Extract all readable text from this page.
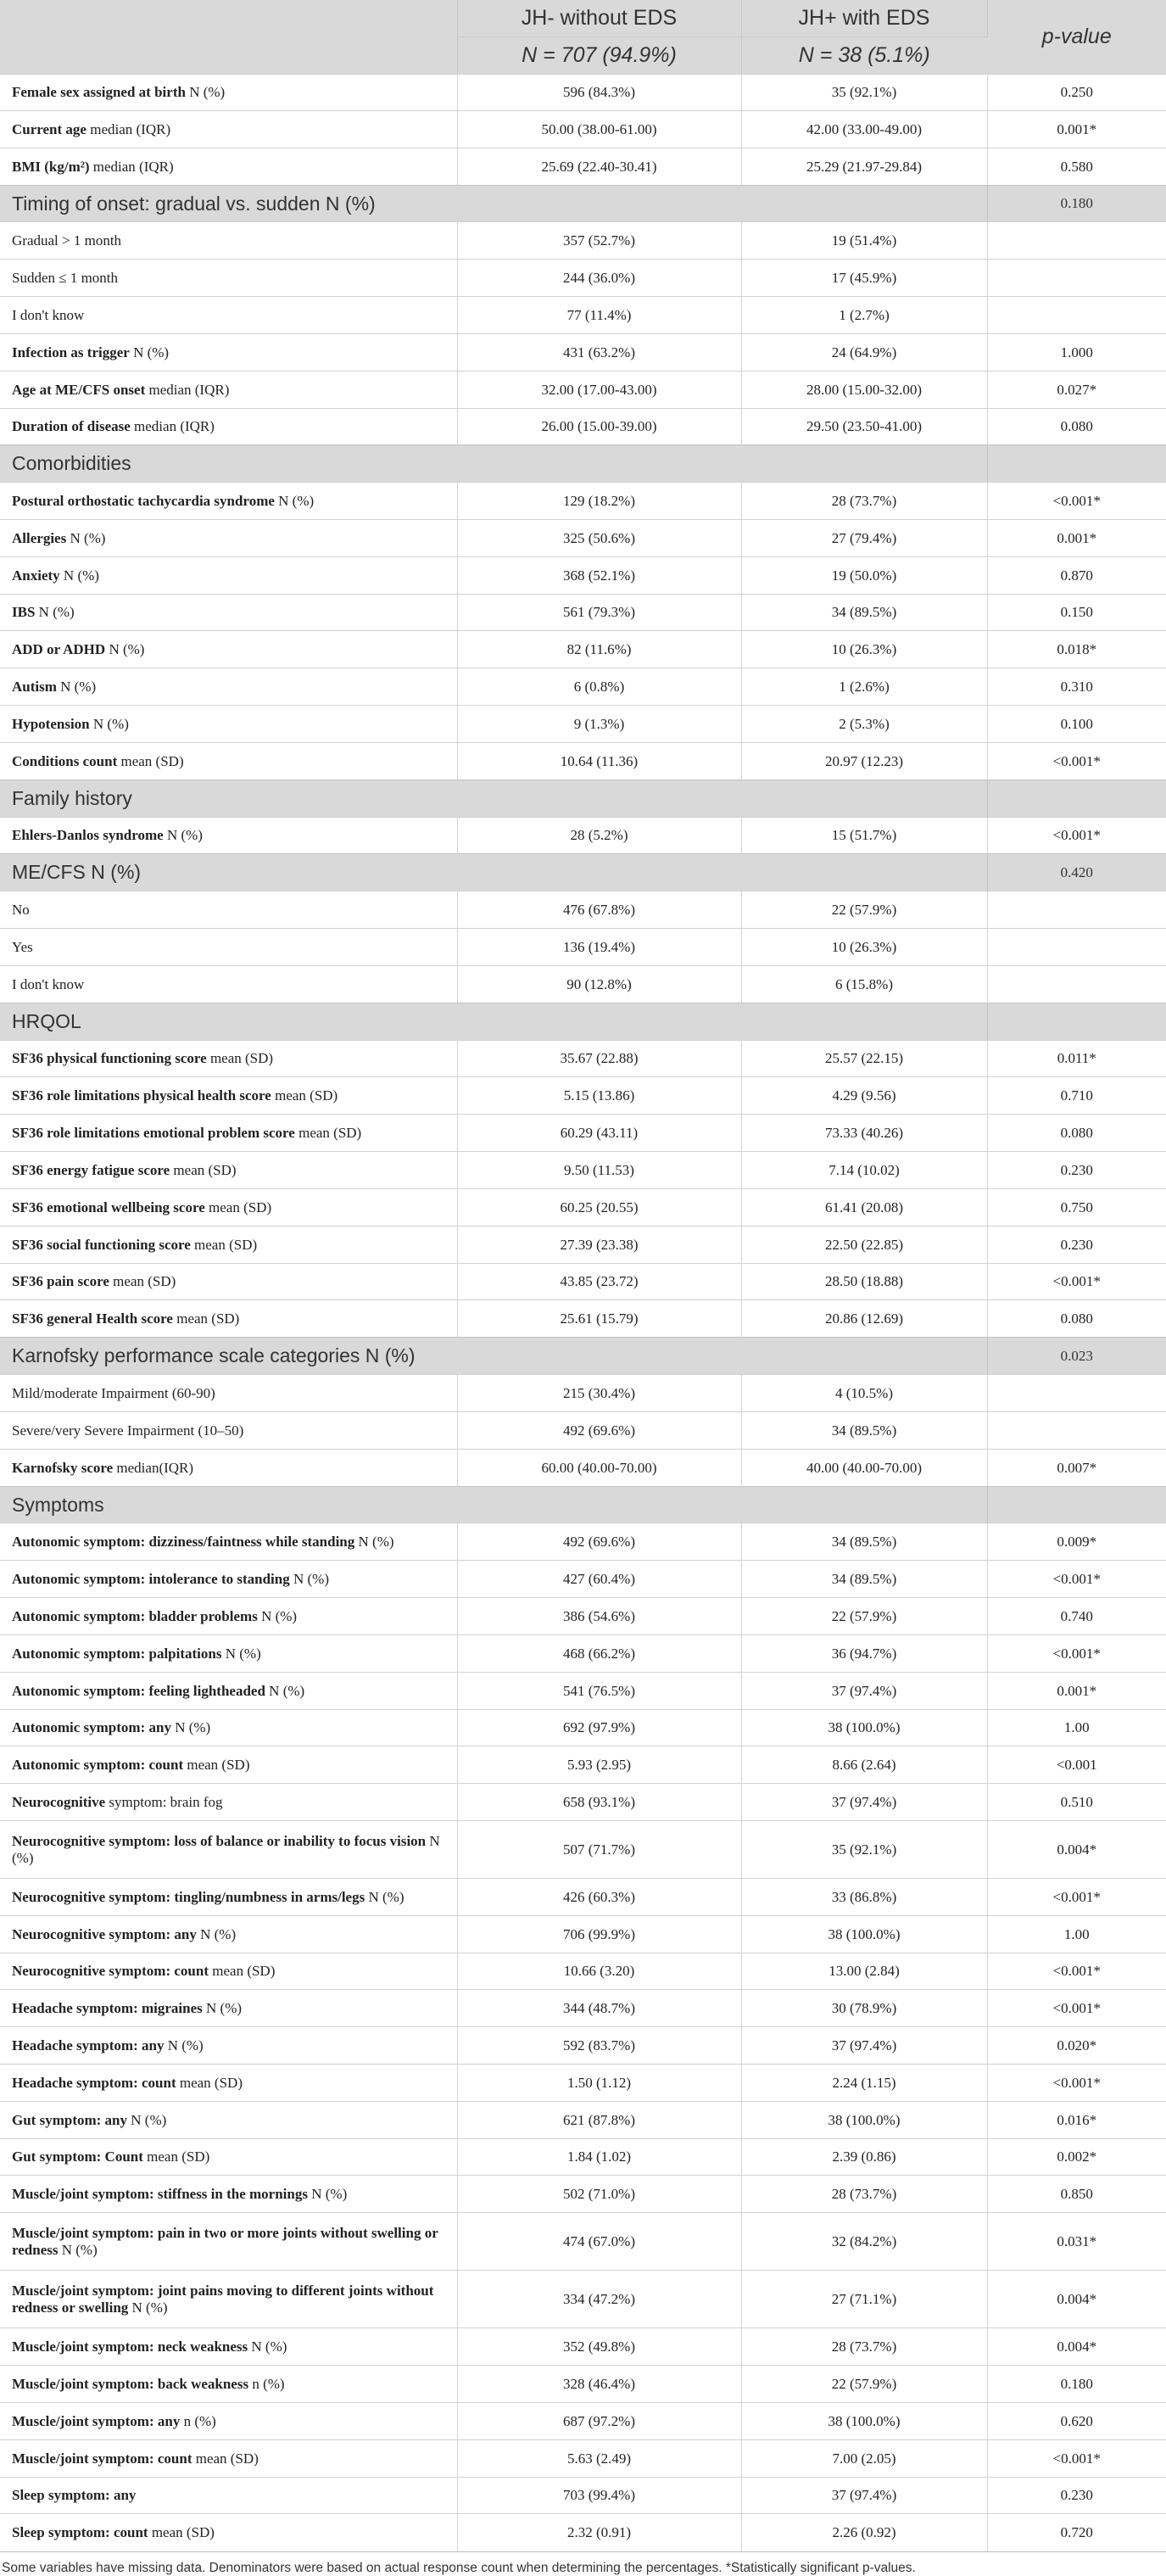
	JH- without EDS	JH+ with EDS	p-value
	N = 707 (94.9%)	N = 38 (5.1%)	
Female sex assigned at birth N (%)	596 (84.3%)	35 (92.1%)	0.250
Current age median (IQR)	50.00 (38.00-61.00)	42.00 (33.00-49.00)	0.001*
BMI (kg/m²) median (IQR)	25.69 (22.40-30.41)	25.29 (21.97-29.84)	0.580
Timing of onset: gradual vs. sudden N (%)			0.180
Gradual > 1 month	357 (52.7%)	19 (51.4%)	
Sudden ≤ 1 month	244 (36.0%)	17 (45.9%)	
I don't know	77 (11.4%)	1 (2.7%)	
Infection as trigger N (%)	431 (63.2%)	24 (64.9%)	1.000
Age at ME/CFS onset median (IQR)	32.00 (17.00-43.00)	28.00 (15.00-32.00)	0.027*
Duration of disease median (IQR)	26.00 (15.00-39.00)	29.50 (23.50-41.00)	0.080
Comorbidities			
Postural orthostatic tachycardia syndrome N (%)	129 (18.2%)	28 (73.7%)	<0.001*
Allergies N (%)	325 (50.6%)	27 (79.4%)	0.001*
Anxiety N (%)	368 (52.1%)	19 (50.0%)	0.870
IBS N (%)	561 (79.3%)	34 (89.5%)	0.150
ADD or ADHD N (%)	82 (11.6%)	10 (26.3%)	0.018*
Autism N (%)	6 (0.8%)	1 (2.6%)	0.310
Hypotension N (%)	9 (1.3%)	2 (5.3%)	0.100
Conditions count mean (SD)	10.64 (11.36)	20.97 (12.23)	<0.001*
Family history			
Ehlers-Danlos syndrome N (%)	28 (5.2%)	15 (51.7%)	<0.001*
ME/CFS N (%)			0.420
No	476 (67.8%)	22 (57.9%)	
Yes	136 (19.4%)	10 (26.3%)	
I don't know	90 (12.8%)	6 (15.8%)	
HRQOL			
SF36 physical functioning score mean (SD)	35.67 (22.88)	25.57 (22.15)	0.011*
SF36 role limitations physical health score mean (SD)	5.15 (13.86)	4.29 (9.56)	0.710
SF36 role limitations emotional problem score mean (SD)	60.29 (43.11)	73.33 (40.26)	0.080
SF36 energy fatigue score mean (SD)	9.50 (11.53)	7.14 (10.02)	0.230
SF36 emotional wellbeing score mean (SD)	60.25 (20.55)	61.41 (20.08)	0.750
SF36 social functioning score mean (SD)	27.39 (23.38)	22.50 (22.85)	0.230
SF36 pain score mean (SD)	43.85 (23.72)	28.50 (18.88)	<0.001*
SF36 general Health score mean (SD)	25.61 (15.79)	20.86 (12.69)	0.080
Karnofsky performance scale categories N (%)			0.023
Mild/moderate Impairment (60-90)	215 (30.4%)	4 (10.5%)	
Severe/very Severe Impairment (10–50)	492 (69.6%)	34 (89.5%)	
Karnofsky score median(IQR)	60.00 (40.00-70.00)	40.00 (40.00-70.00)	0.007*
Symptoms			
Autonomic symptom: dizziness/faintness while standing N (%)	492 (69.6%)	34 (89.5%)	0.009*
Autonomic symptom: intolerance to standing N (%)	427 (60.4%)	34 (89.5%)	<0.001*
Autonomic symptom: bladder problems N (%)	386 (54.6%)	22 (57.9%)	0.740
Autonomic symptom: palpitations N (%)	468 (66.2%)	36 (94.7%)	<0.001*
Autonomic symptom: feeling lightheaded N (%)	541 (76.5%)	37 (97.4%)	0.001*
Autonomic symptom: any N (%)	692 (97.9%)	38 (100.0%)	1.00
Autonomic symptom: count mean (SD)	5.93 (2.95)	8.66 (2.64)	<0.001
Neurocognitive symptom: brain fog	658 (93.1%)	37 (97.4%)	0.510
Neurocognitive symptom: loss of balance or inability to focus vision N (%)	507 (71.7%)	35 (92.1%)	0.004*
Neurocognitive symptom: tingling/numbness in arms/legs N (%)	426 (60.3%)	33 (86.8%)	<0.001*
Neurocognitive symptom: any N (%)	706 (99.9%)	38 (100.0%)	1.00
Neurocognitive symptom: count mean (SD)	10.66 (3.20)	13.00 (2.84)	<0.001*
Headache symptom: migraines N (%)	344 (48.7%)	30 (78.9%)	<0.001*
Headache symptom: any N (%)	592 (83.7%)	37 (97.4%)	0.020*
Headache symptom: count mean (SD)	1.50 (1.12)	2.24 (1.15)	<0.001*
Gut symptom: any N (%)	621 (87.8%)	38 (100.0%)	0.016*
Gut symptom: Count mean (SD)	1.84 (1.02)	2.39 (0.86)	0.002*
Muscle/joint symptom: stiffness in the mornings N (%)	502 (71.0%)	28 (73.7%)	0.850
Muscle/joint symptom: pain in two or more joints without swelling or redness N (%)	474 (67.0%)	32 (84.2%)	0.031*
Muscle/joint symptom: joint pains moving to different joints without redness or swelling N (%)	334 (47.2%)	27 (71.1%)	0.004*
Muscle/joint symptom: neck weakness N (%)	352 (49.8%)	28 (73.7%)	0.004*
Muscle/joint symptom: back weakness n (%)	328 (46.4%)	22 (57.9%)	0.180
Muscle/joint symptom: any n (%)	687 (97.2%)	38 (100.0%)	0.620
Muscle/joint symptom: count mean (SD)	5.63 (2.49)	7.00 (2.05)	<0.001*
Sleep symptom: any	703 (99.4%)	37 (97.4%)	0.230
Sleep symptom: count mean (SD)	2.32 (0.91)	2.26 (0.92)	0.720
Some variables have missing data. Denominators were based on actual response count when determining the percentages. *Statistically significant p-values.
